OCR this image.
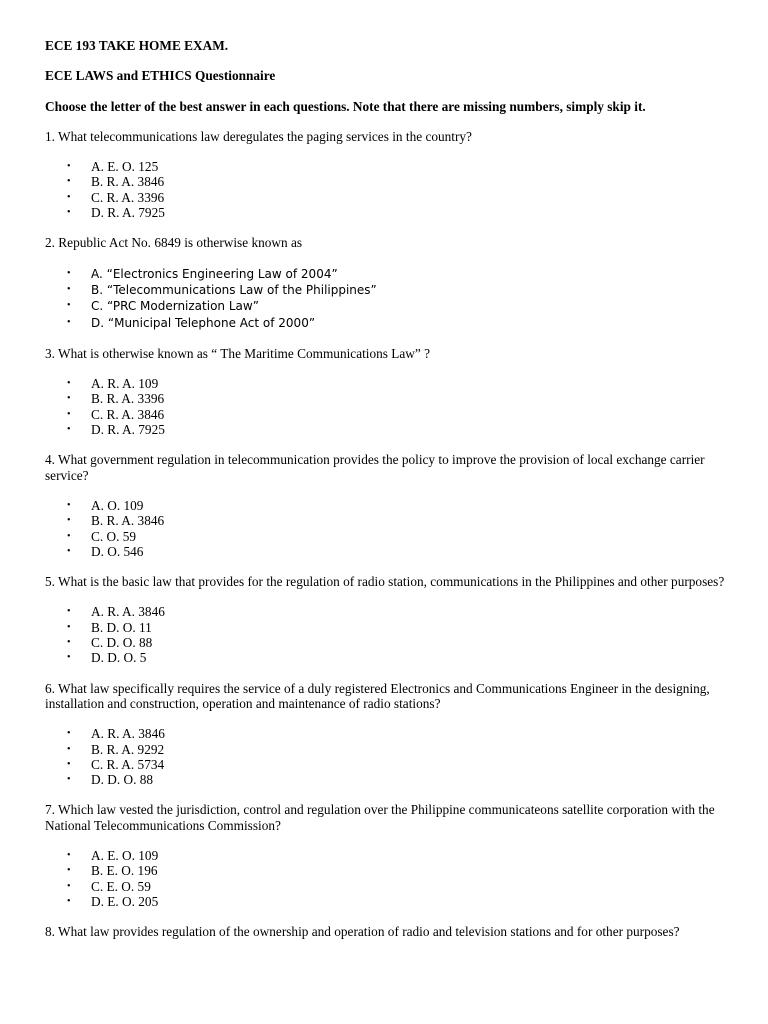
ECE 193 TAKE HOME EXAM.

ECE LAWS and ETHICS Questionnaire

Choose the letter of the best answer in each questions. Note that there are missing numbers, simply skip it.

1. What telecommunications law deregulates the paging services in the country?

• A. E. O. 125
• B. R. A. 3846
• C. R. A. 3396
• D. R. A. 7925

2. Republic Act No. 6849 is otherwise known as

• A. “Electronics Engineering Law of 2004”
• B. “Telecommunications Law of the Philippines”
• C. “PRC Modernization Law”
• D. “Municipal Telephone Act of 2000”

3. What is otherwise known as “ The Maritime Communications Law” ?

• A. R. A. 109
• B. R. A. 3396
• C. R. A. 3846
• D. R. A. 7925

4. What government regulation in telecommunication provides the policy to improve the provision of local exchange carrier service?

• A. O. 109
• B. R. A. 3846
• C. O. 59
• D. O. 546

5. What is the basic law that provides for the regulation of radio station, communications in the Philippines and other purposes?

• A. R. A. 3846
• B. D. O. 11
• C. D. O. 88
• D. D. O. 5

6. What law specifically requires the service of a duly registered Electronics and Communications Engineer in the designing, installation and construction, operation and maintenance of radio stations?

• A. R. A. 3846
• B. R. A. 9292
• C. R. A. 5734
• D. D. O. 88

7. Which law vested the jurisdiction, control and regulation over the Philippine communicateons satellite corporation with the National Telecommunications Commission?

• A. E. O. 109
• B. E. O. 196
• C. E. O. 59
• D. E. O. 205

8. What law provides regulation of the ownership and operation of radio and television stations and for other purposes?
